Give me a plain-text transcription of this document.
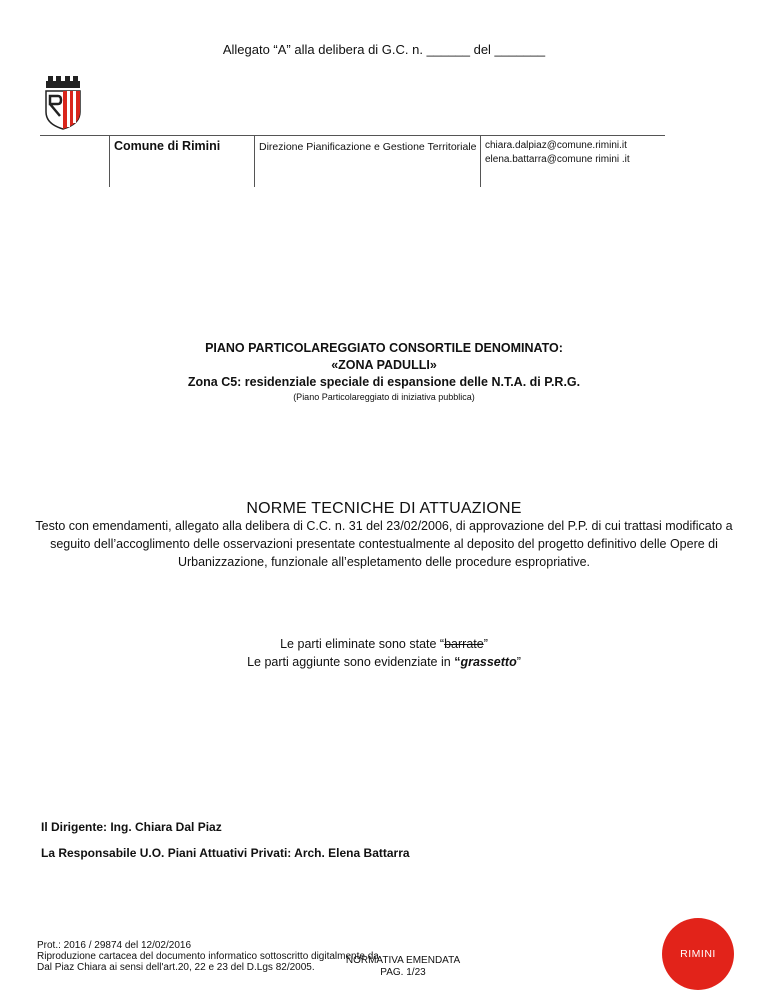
Allegato “A” alla delibera di G.C. n. ______ del _______
Comune di Rimini	Direzione Pianificazione e Gestione Territoriale chiara.dalpiaz@comune.rimini.it
elena.battarra@comune rimini .it
PIANO PARTICOLAREGGIATO CONSORTILE DENOMINATO:
«ZONA PADULLI»
Zona C5: residenziale speciale di espansione delle N.T.A. di P.R.G.
(Piano Particolareggiato di iniziativa pubblica)
NORME TECNICHE DI ATTUAZIONE
Testo con emendamenti, allegato alla delibera di C.C. n. 31 del 23/02/2006, di approvazione del P.P. di cui trattasi modificato a seguito dell’accoglimento delle osservazioni presentate contestualmente al deposito del progetto definitivo delle Opere di Urbanizzazione, funzionale all’espletamento delle procedure espropriative.
Le parti eliminate sono state “barrate”
Le parti aggiunte sono evidenziate in “grassetto”
Il Dirigente: Ing. Chiara Dal Piaz
La Responsabile U.O. Piani Attuativi Privati: Arch. Elena Battarra
Prot.: 2016 / 29874 del 12/02/2016
Riproduzione cartacea del documento informatico sottoscritto digitalmente da
Dal Piaz Chiara ai sensi dell'art.20, 22 e 23 del D.Lgs 82/2005.
NORMATIVA EMENDATA
PAG. 1/23
RIMINI
